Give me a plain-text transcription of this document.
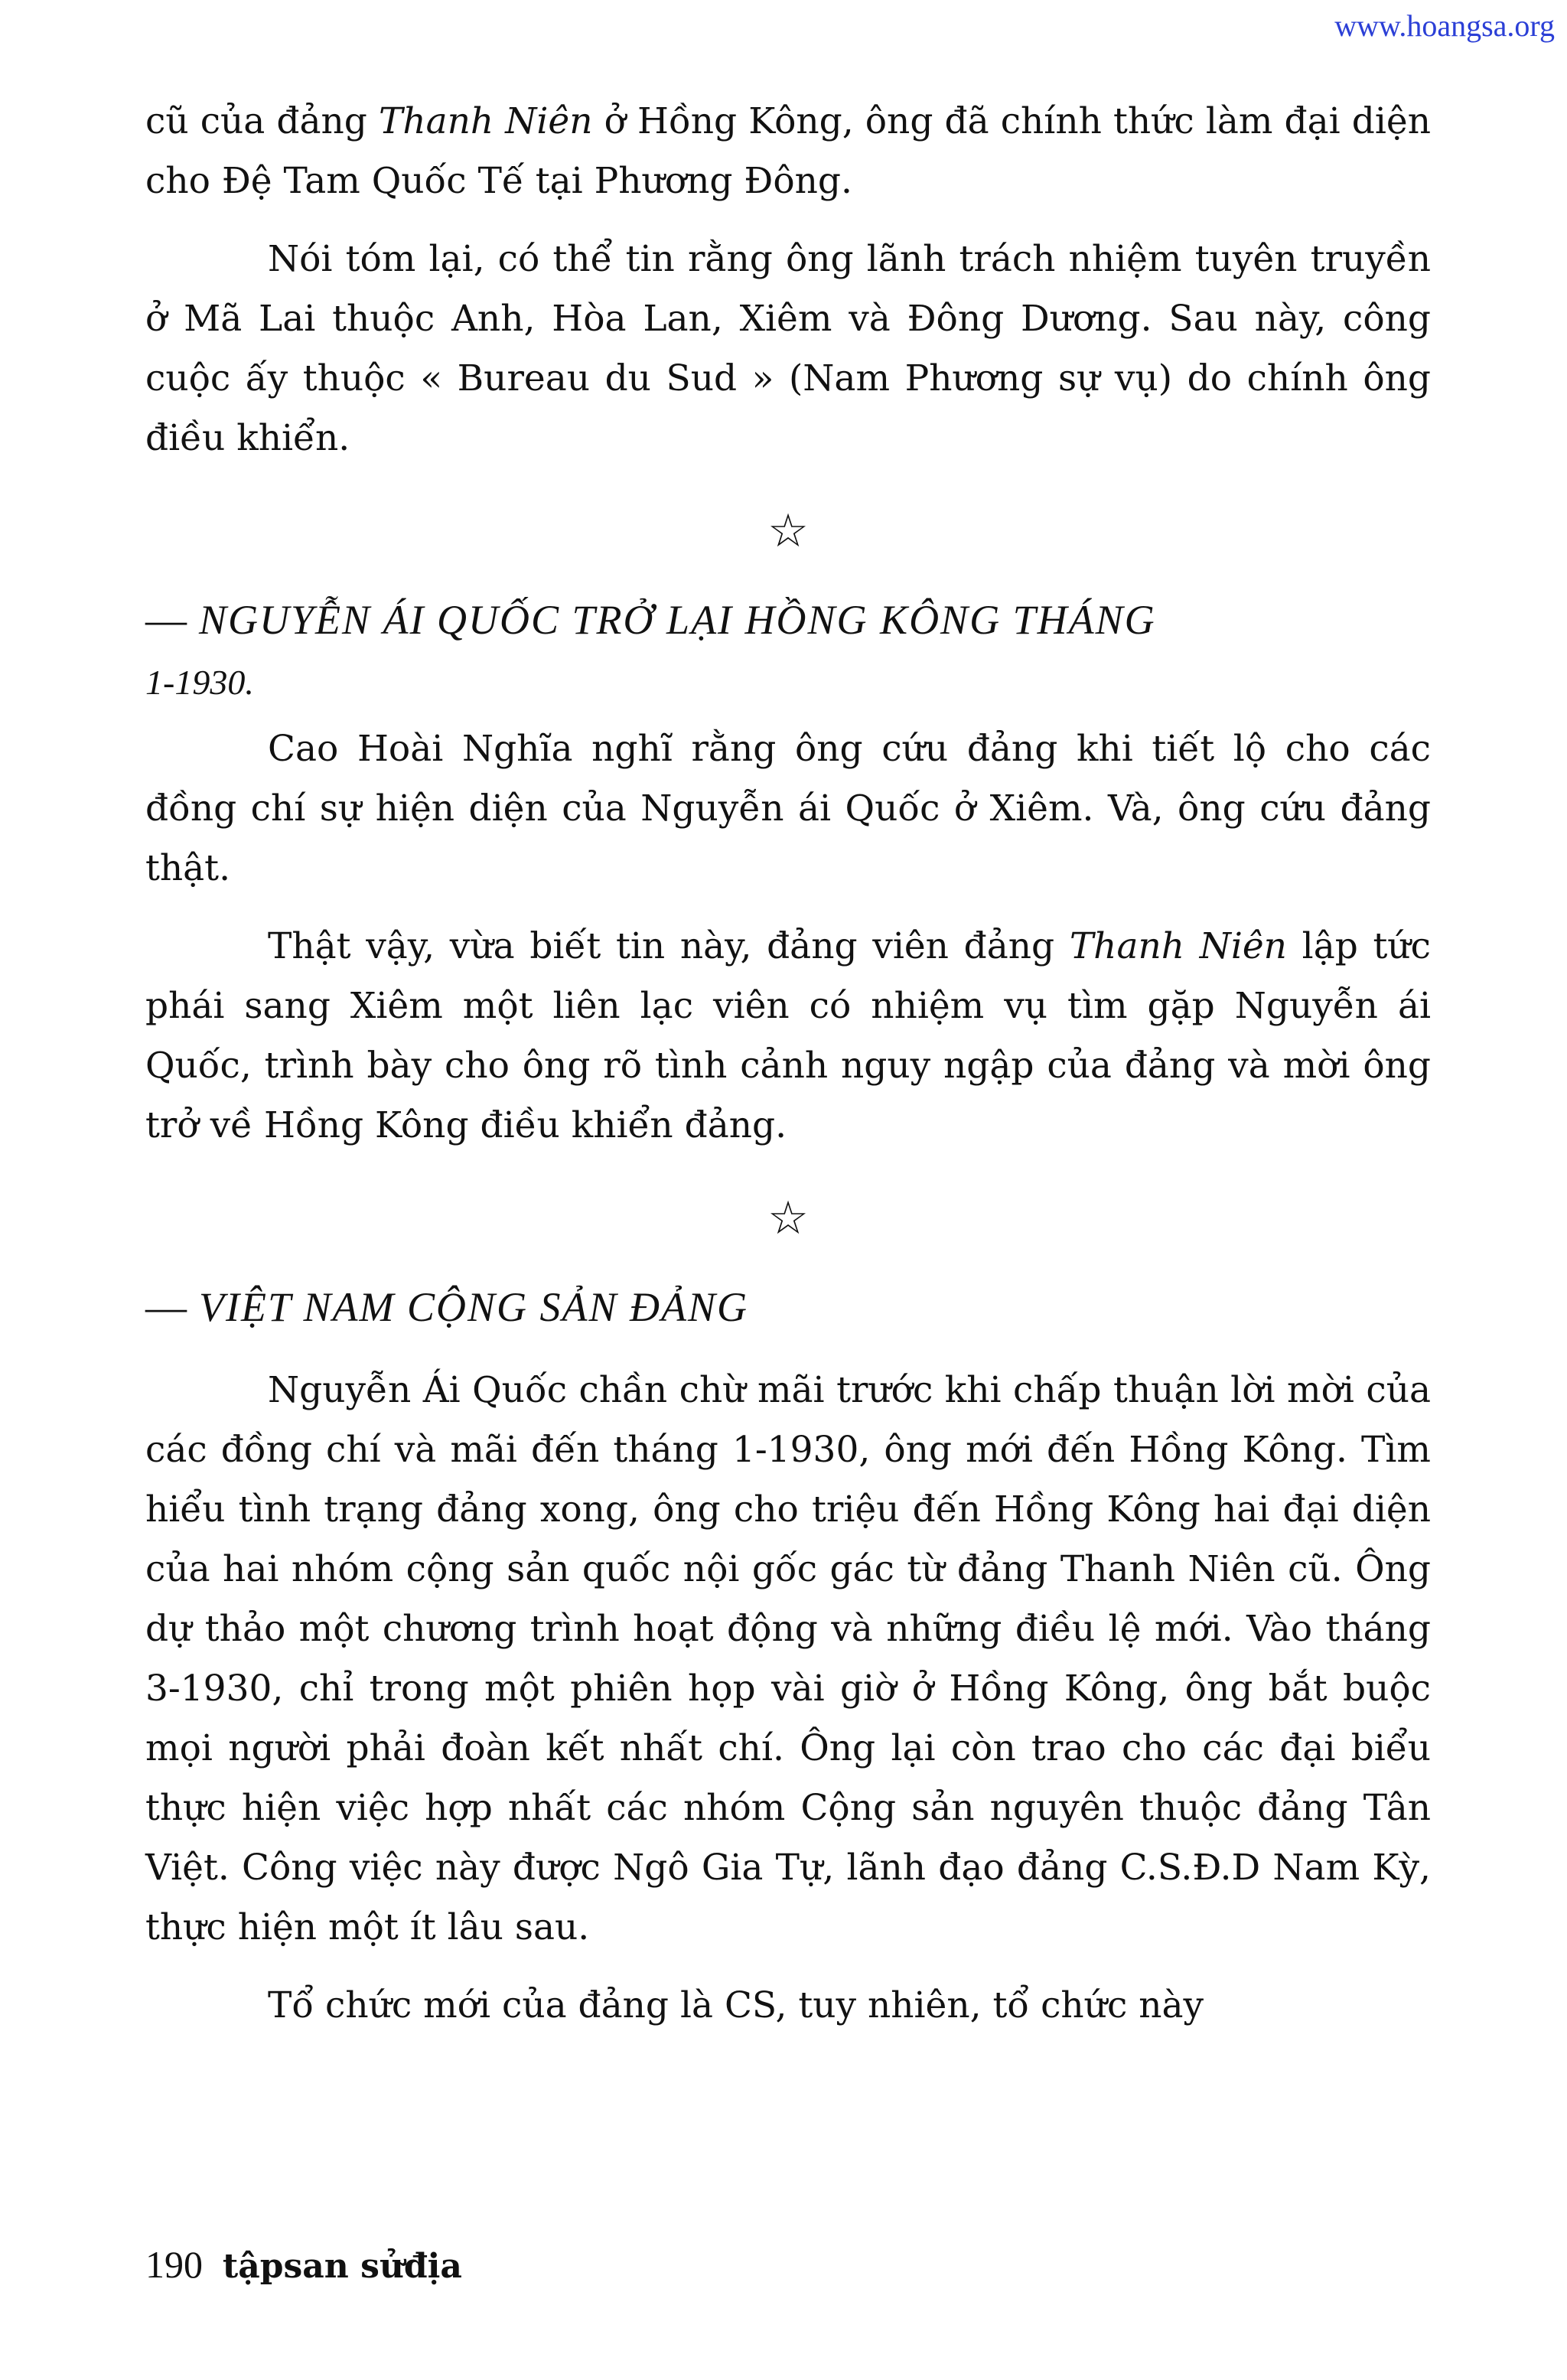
www.hoangsa.org

cũ của đảng Thanh Niên ở Hồng Kông, ông đã chính thức làm đại diện cho Đệ Tam Quốc Tế tại Phương Đông.

Nói tóm lại, có thể tin rằng ông lãnh trách nhiệm tuyên truyền ở Mã Lai thuộc Anh, Hòa Lan, Xiêm và Đông Dương. Sau này, công cuộc ấy thuộc « Bureau du Sud » (Nam Phương sự vụ) do chính ông điều khiển.

☆

— NGUYỄN ÁI QUỐC TRỞ LẠI HỒNG KÔNG THÁNG

1-1930.

Cao Hoài Nghĩa nghĩ rằng ông cứu đảng khi tiết lộ cho các đồng chí sự hiện diện của Nguyễn ái Quốc ở Xiêm. Và, ông cứu đảng thật.

Thật vậy, vừa biết tin này, đảng viên đảng Thanh Niên lập tức phái sang Xiêm một liên lạc viên có nhiệm vụ tìm gặp Nguyễn ái Quốc, trình bày cho ông rõ tình cảnh nguy ngập của đảng và mời ông trở về Hồng Kông điều khiển đảng.

☆

— VIỆT NAM CỘNG SẢN ĐẢNG

Nguyễn Ái Quốc chần chừ mãi trước khi chấp thuận lời mời của các đồng chí và mãi đến tháng 1-1930, ông mới đến Hồng Kông. Tìm hiểu tình trạng đảng xong, ông cho triệu đến Hồng Kông hai đại diện của hai nhóm cộng sản quốc nội gốc gác từ đảng Thanh Niên cũ. Ông dự thảo một chương trình hoạt động và những điều lệ mới. Vào tháng 3-1930, chỉ trong một phiên họp vài giờ ở Hồng Kông, ông bắt buộc mọi người phải đoàn kết nhất chí. Ông lại còn trao cho các đại biểu thực hiện việc hợp nhất các nhóm Cộng sản nguyên thuộc đảng Tân Việt. Công việc này được Ngô Gia Tự, lãnh đạo đảng C.S.Đ.D Nam Kỳ, thực hiện một ít lâu sau.

Tổ chức mới của đảng là CS, tuy nhiên, tổ chức này

190 tậpsan sửđịa
